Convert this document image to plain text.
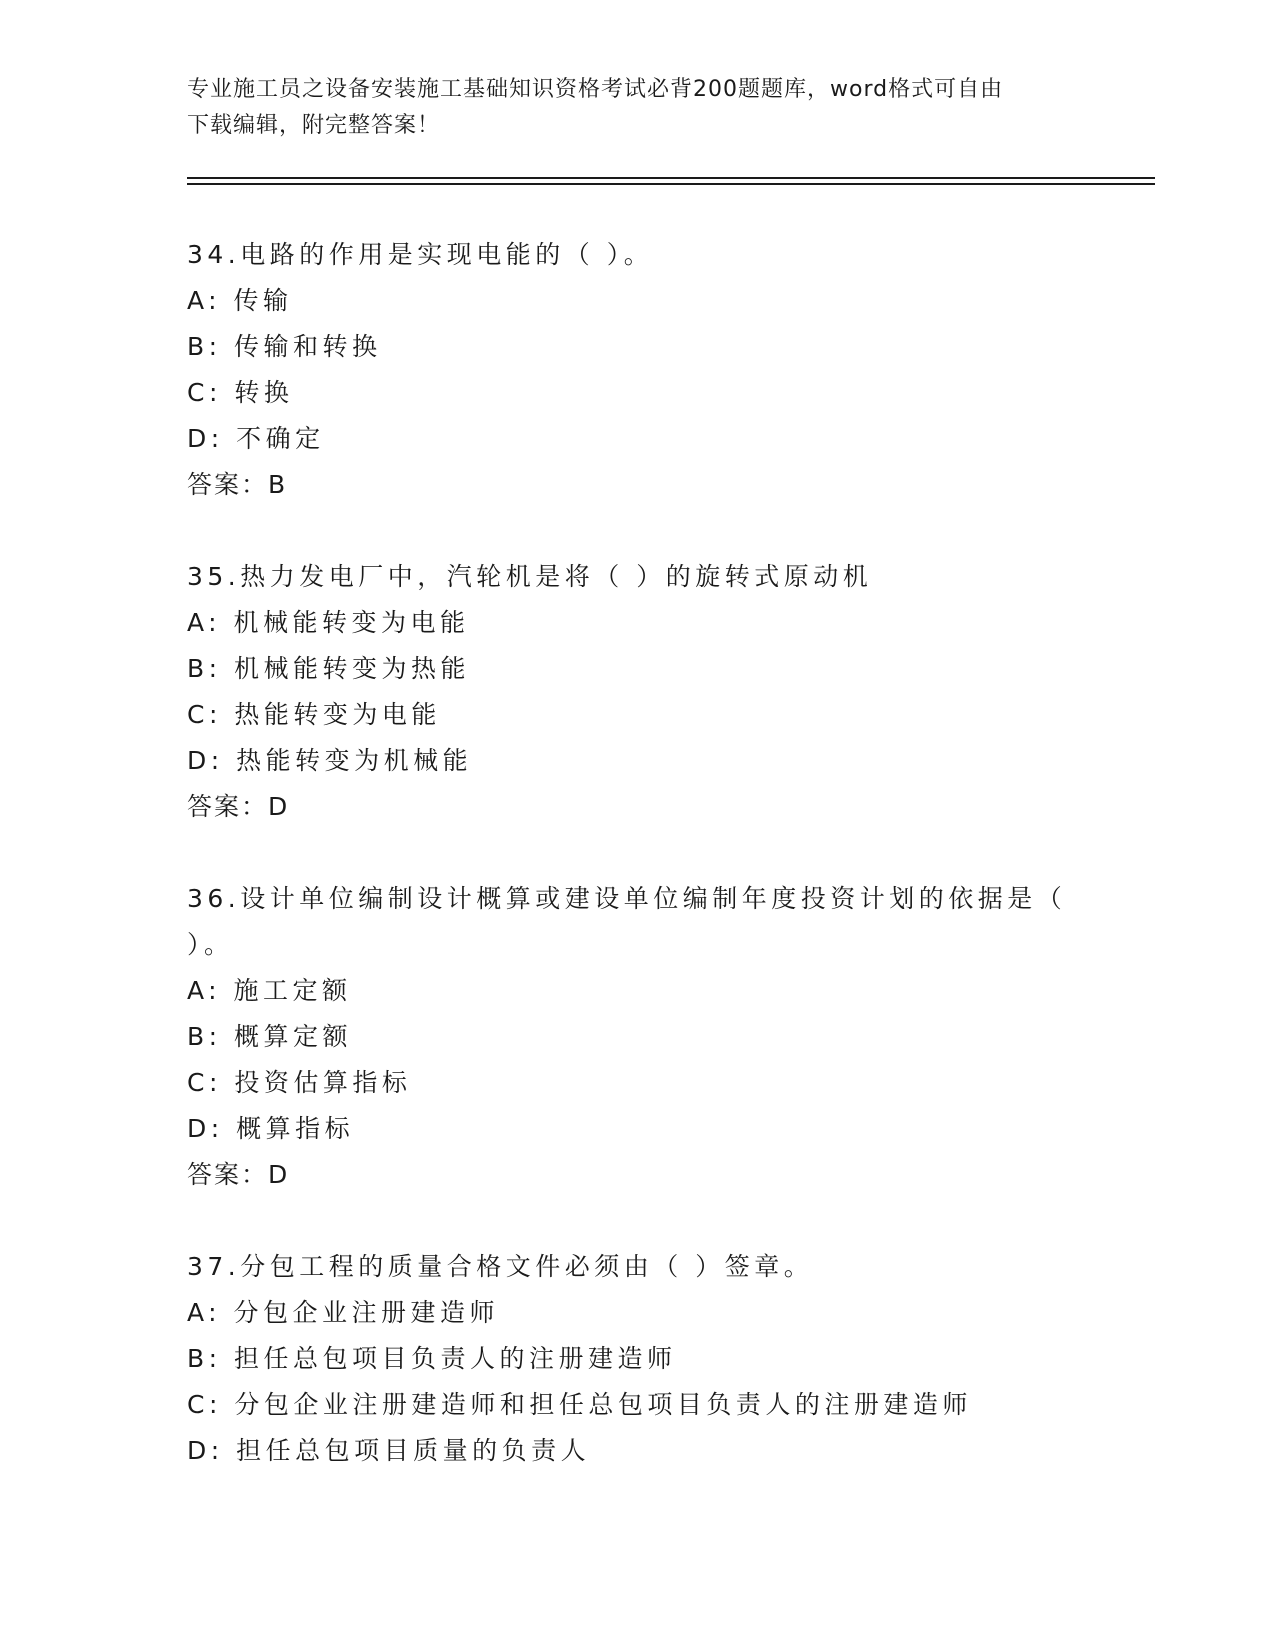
专业施工员之设备安装施工基础知识资格考试必背200题题库，word格式可自由
下载编辑，附完整答案！
34.电路的作用是实现电能的（ ）。
A: 传输
B: 传输和转换
C: 转换
D: 不确定
答案：B
35.热力发电厂中，汽轮机是将（ ）的旋转式原动机
A: 机械能转变为电能
B: 机械能转变为热能
C: 热能转变为电能
D: 热能转变为机械能
答案：D
36.设计单位编制设计概算或建设单位编制年度投资计划的依据是（ ）。
A: 施工定额
B: 概算定额
C: 投资估算指标
D: 概算指标
答案：D
37.分包工程的质量合格文件必须由（ ）签章。
A: 分包企业注册建造师
B: 担任总包项目负责人的注册建造师
C: 分包企业注册建造师和担任总包项目负责人的注册建造师
D: 担任总包项目质量的负责人
